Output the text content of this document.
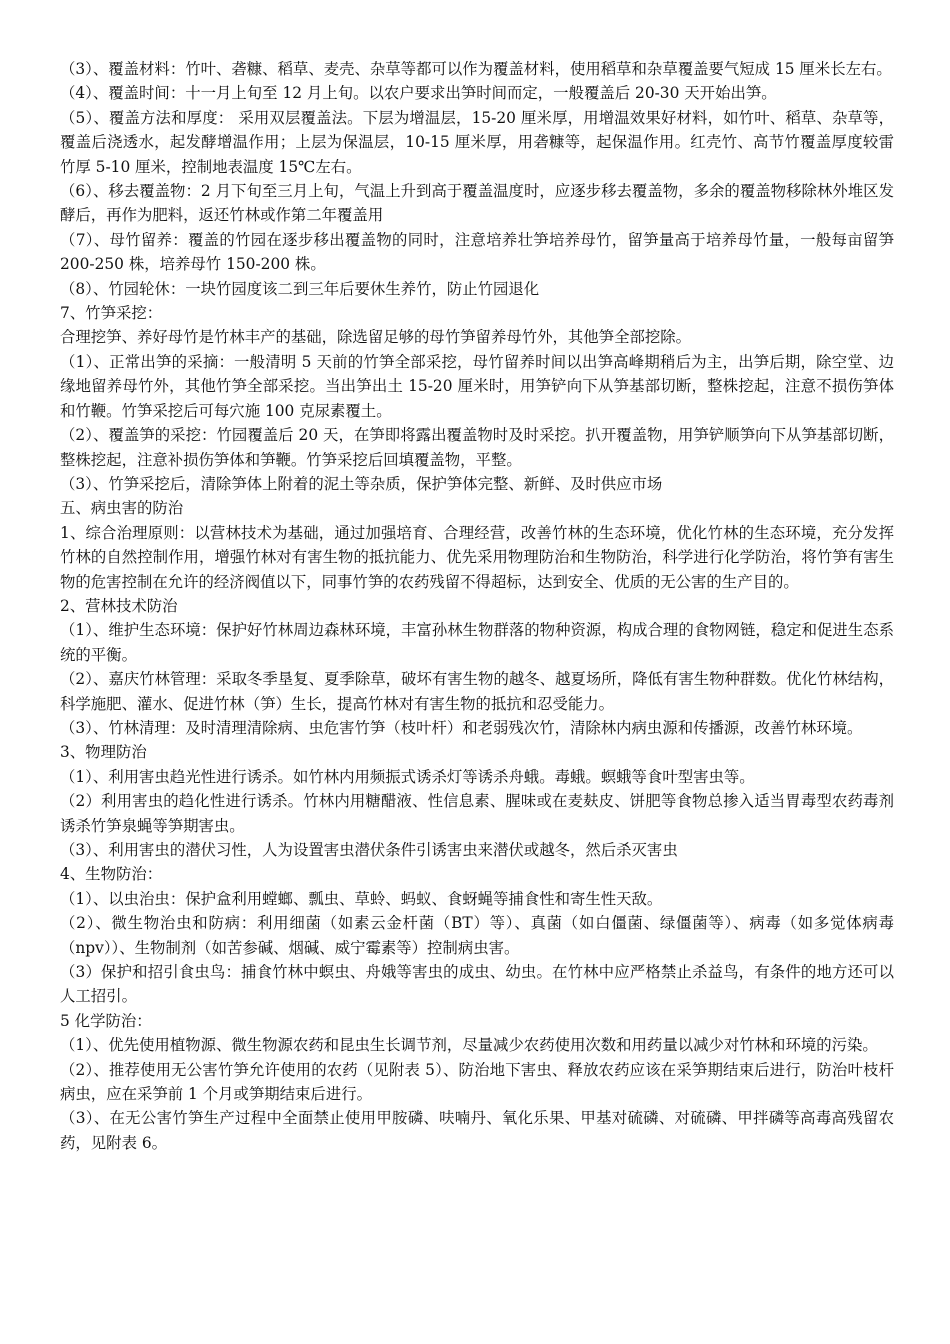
（3）、覆盖材料：竹叶、砻糠、稻草、麦壳、杂草等都可以作为覆盖材料，使用稻草和杂草覆盖要气短成 15 厘米长左右。

（4）、覆盖时间：十一月上旬至 12 月上旬。以农户要求出笋时间而定，一般覆盖后 20-30 天开始出笋。

（5）、覆盖方法和厚度： 采用双层覆盖法。下层为增温层，15-20 厘米厚，用增温效果好材料，如竹叶、稻草、杂草等，覆盖后浇透水，起发酵增温作用；上层为保温层，10-15 厘米厚，用砻糠等，起保温作用。红壳竹、高节竹覆盖厚度较雷竹厚 5-10 厘米，控制地表温度 15℃左右。

（6）、移去覆盖物：2 月下旬至三月上旬，气温上升到高于覆盖温度时，应逐步移去覆盖物，多余的覆盖物移除林外堆区发酵后，再作为肥料，返还竹林或作第二年覆盖用

（7）、母竹留养：覆盖的竹园在逐步移出覆盖物的同时，注意培养壮笋培养母竹，留笋量高于培养母竹量，一般每亩留笋 200-250 株，培养母竹 150-200 株。

（8）、竹园轮休：一块竹园度该二到三年后要休生养竹，防止竹园退化

7、竹笋采挖：

合理挖笋、养好母竹是竹林丰产的基础，除选留足够的母竹笋留养母竹外，其他笋全部挖除。

（1）、正常出笋的采摘：一般清明 5 天前的竹笋全部采挖，母竹留养时间以出笋高峰期稍后为主，出笋后期，除空堂、边缘地留养母竹外，其他竹笋全部采挖。当出笋出土 15-20 厘米时，用笋铲向下从笋基部切断，整株挖起，注意不损伤笋体和竹鞭。竹笋采挖后可每穴施 100 克尿素覆土。

（2）、覆盖笋的采挖：竹园覆盖后 20 天，在笋即将露出覆盖物时及时采挖。扒开覆盖物，用笋铲顺笋向下从笋基部切断，整株挖起，注意补损伤笋体和笋鞭。竹笋采挖后回填覆盖物，平整。

（3）、竹笋采挖后，清除笋体上附着的泥土等杂质，保护笋体完整、新鲜、及时供应市场

五、病虫害的防治

1、综合治理原则：以营林技术为基础，通过加强培育、合理经营，改善竹林的生态环境，优化竹林的生态环境，充分发挥竹林的自然控制作用，增强竹林对有害生物的抵抗能力、优先采用物理防治和生物防治，科学进行化学防治，将竹笋有害生物的危害控制在允许的经济阀值以下，同事竹笋的农药残留不得超标，达到安全、优质的无公害的生产目的。

2、营林技术防治

（1）、维护生态环境：保护好竹林周边森林环境，丰富孙林生物群落的物种资源，构成合理的食物网链，稳定和促进生态系统的平衡。

（2）、嘉庆竹林管理：采取冬季垦复、夏季除草，破坏有害生物的越冬、越夏场所，降低有害生物种群数。优化竹林结构，科学施肥、灌水、促进竹林（笋）生长，提高竹林对有害生物的抵抗和忍受能力。

（3）、竹林清理：及时清理清除病、虫危害竹笋（枝叶杆）和老弱残次竹，清除林内病虫源和传播源，改善竹林环境。

3、物理防治

（1）、利用害虫趋光性进行诱杀。如竹林内用频振式诱杀灯等诱杀舟蛾。毒蛾。螟蛾等食叶型害虫等。

（2）利用害虫的趋化性进行诱杀。竹林内用糖醋液、性信息素、腥味或在麦麸皮、饼肥等食物总掺入适当胃毒型农药毒剂诱杀竹笋泉蝇等笋期害虫。

（3）、利用害虫的潜伏习性，人为设置害虫潜伏条件引诱害虫来潜伏或越冬，然后杀灭害虫

4、生物防治：

（1）、以虫治虫：保护盒利用螳螂、瓢虫、草蛉、蚂蚁、食蚜蝇等捕食性和寄生性天敌。

（2）、微生物治虫和防病：利用细菌（如素云金杆菌（BT）等）、真菌（如白僵菌、绿僵菌等）、病毒（如多觉体病毒（npv））、生物制剂（如苦参碱、烟碱、威宁霉素等）控制病虫害。

（3）保护和招引食虫鸟：捕食竹林中螟虫、舟娥等害虫的成虫、幼虫。在竹林中应严格禁止杀益鸟，有条件的地方还可以人工招引。

5 化学防治：

（1）、优先使用植物源、微生物源农药和昆虫生长调节剂，尽量减少农药使用次数和用药量以减少对竹林和环境的污染。

（2）、推荐使用无公害竹笋允许使用的农药（见附表 5）、防治地下害虫、释放农药应该在采笋期结束后进行，防治叶枝杆病虫，应在采笋前 1 个月或笋期结束后进行。

（3）、在无公害竹笋生产过程中全面禁止使用甲胺磷、呋喃丹、氧化乐果、甲基对硫磷、对硫磷、甲拌磷等高毒高残留农药，见附表 6。
